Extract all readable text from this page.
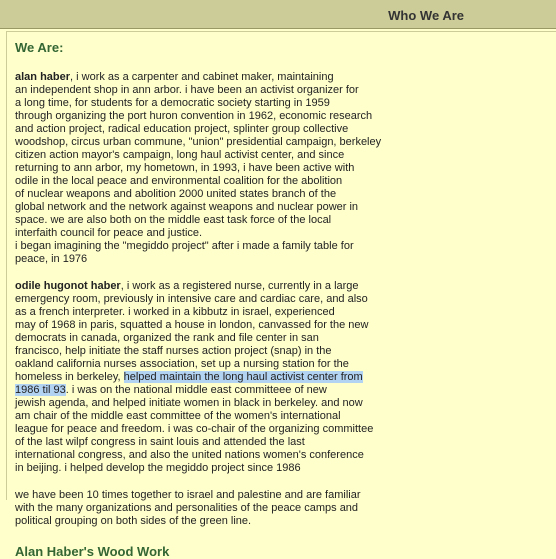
Who We Are
We Are:

alan haber, i work as a carpenter and cabinet maker, maintaining
an independent shop in ann arbor. i have been an activist organizer for
a long time, for students for a democratic society starting in 1959
through organizing the port huron convention in 1962, economic research
and action project, radical education project, splinter group collective
woodshop, circus urban commune, "union" presidential campaign, berkeley
citizen action mayor's campaign, long haul activist center, and since
returning to ann arbor, my hometown, in 1993, i have been active with
odile in the local peace and environmental coalition for the abolition
of nuclear weapons and abolition 2000 united states branch of the
global network and the network against weapons and nuclear power in
space. we are also both on the middle east task force of the local
interfaith council for peace and justice.
i began imagining the "megiddo project" after i made a family table for
peace, in 1976

odile hugonot haber, i work as a registered nurse, currently in a large
emergency room, previously in intensive care and cardiac care, and also
as a french interpreter. i worked in a kibbutz in israel, experienced
may of 1968 in paris, squatted a house in london, canvassed for the new
democrats in canada, organized the rank and file center in san
francisco, help initiate the staff nurses action project (snap) in the
oakland california nurses association, set up a nursing station for the
homeless in berkeley, helped maintain the long haul activist center from
1986 til 93. i was on the national middle east committeee of new
jewish agenda, and helped initiate women in black in berkeley. and now
am chair of the middle east committee of the women's international
league for peace and freedom. i was co-chair of the organizing committee
of the last wilpf congress in saint louis and attended the last
international congress, and also the united nations women's conference
in beijing. i helped develop the megiddo project since 1986

we have been 10 times together to israel and palestine and are familiar
with the many organizations and personalities of the peace camps and
political grouping on both sides of the green line.

Alan Haber's Wood Work
